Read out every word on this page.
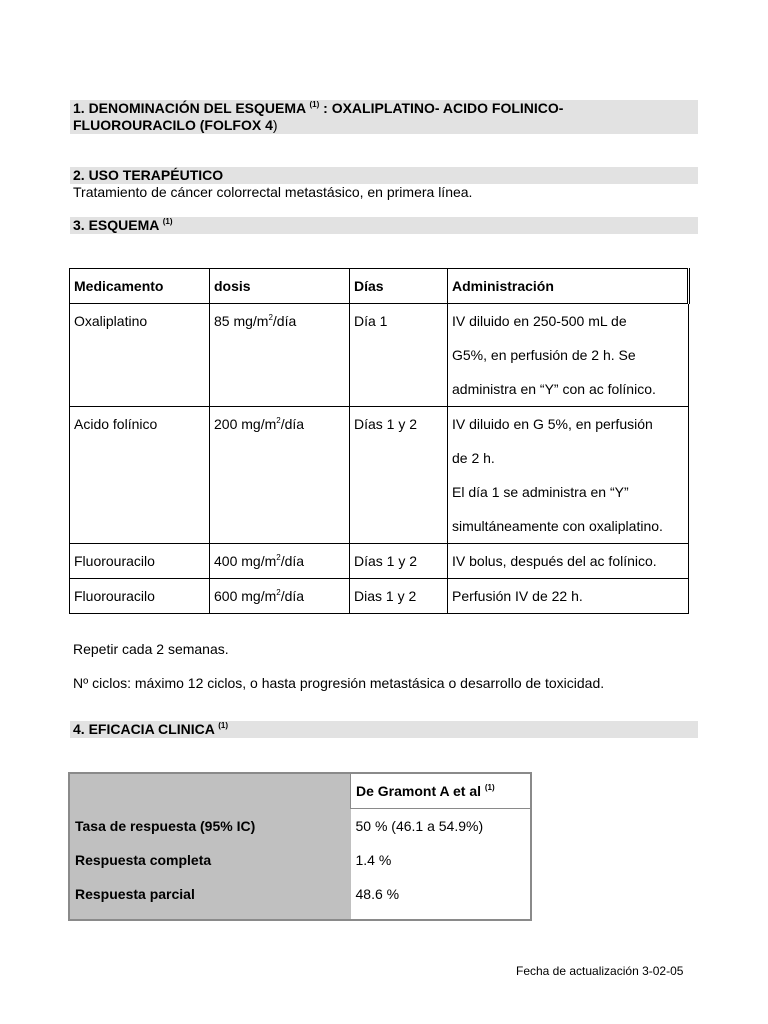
1. DENOMINACIÓN DEL ESQUEMA $^{(1)}$ : OXALIPLATINO- ACIDO FOLINICO-
FLUOROURACILO (FOLFOX 4)
2. USO TERAPÉUTICO
Tratamiento de cáncer colorrectal metastásico, en primera línea.
3. ESQUEMA $^{(1)}$
Medicamento	dosis	Días	Administración
Oxaliplatino	85 $mg/m^2$/día	Día 1	IV diluido en 250-500 mL de
G5%, en perfusión de 2 h. Se
administra en “Y” con ac folínico.

Acido folínico	200 $mg/m^2$/día	Días 1 y 2	IV diluido en G 5%, en perfusión
de 2 h.
El día 1 se administra en “Y”
simultáneamente con oxaliplatino.

Fluorouracilo	400 $mg/m^2$/día	Días 1 y 2	IV bolus, después del ac folínico.

Fluorouracilo	600 $mg/m^2$/día	Dias 1 y 2	Perfusión IV de 22 h.
Repetir cada 2 semanas.
Nº ciclos: máximo 12 ciclos, o hasta progresión metastásica o desarrollo de toxicidad.
4. EFICACIA CLINICA $^{(1)}$
	De Gramont A et al $^{(1)}$
Tasa de respuesta (95% IC)	50 % (46.1 a 54.9%)
Respuesta completa	1.4 %
Respuesta parcial	48.6 %
Fecha de actualización 3-02-05
